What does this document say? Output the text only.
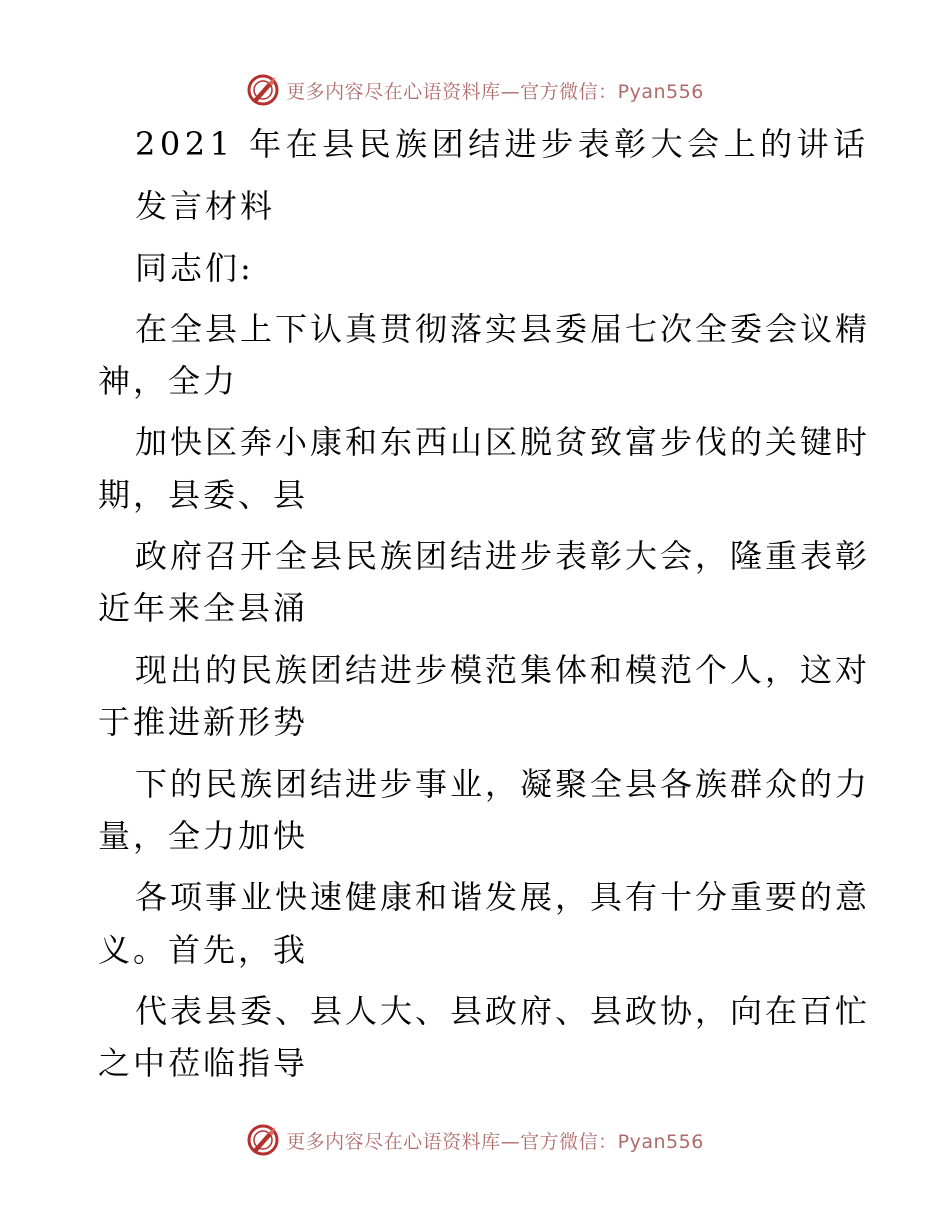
更多内容尽在心语资料库—官方微信：Pyan556
2021 年在县民族团结进步表彰大会上的讲话
发言材料
同志们:
在全县上下认真贯彻落实县委届七次全委会议精
神，全力
加快区奔小康和东西山区脱贫致富步伐的关键时
期，县委、县
政府召开全县民族团结进步表彰大会，隆重表彰
近年来全县涌
现出的民族团结进步模范集体和模范个人，这对
于推进新形势
下的民族团结进步事业，凝聚全县各族群众的力
量，全力加快
各项事业快速健康和谐发展，具有十分重要的意
义。首先，我
代表县委、县人大、县政府、县政协，向在百忙
之中莅临指导
更多内容尽在心语资料库—官方微信：Pyan556
